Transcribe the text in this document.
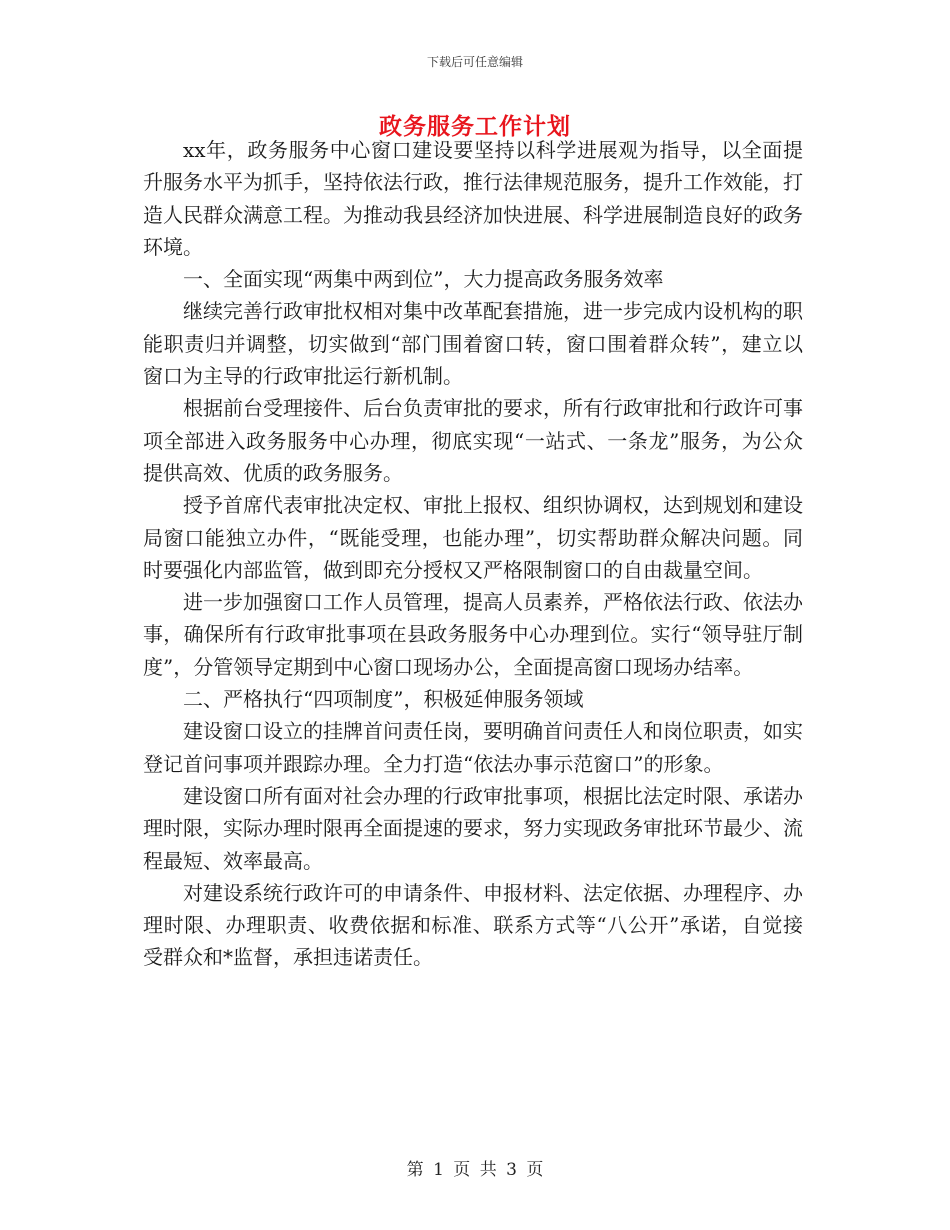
下载后可任意编辑
政务服务工作计划

xx年，政务服务中心窗口建设要坚持以科学进展观为指导，以全面提升服务水平为抓手，坚持依法行政，推行法律规范服务，提升工作效能，打造人民群众满意工程。为推动我县经济加快进展、科学进展制造良好的政务环境。

一、全面实现“两集中两到位”，大力提高政务服务效率

继续完善行政审批权相对集中改革配套措施，进一步完成内设机构的职能职责归并调整，切实做到“部门围着窗口转，窗口围着群众转”，建立以窗口为主导的行政审批运行新机制。

根据前台受理接件、后台负责审批的要求，所有行政审批和行政许可事项全部进入政务服务中心办理，彻底实现“一站式、一条龙”服务，为公众提供高效、优质的政务服务。

授予首席代表审批决定权、审批上报权、组织协调权，达到规划和建设局窗口能独立办件，“既能受理，也能办理”，切实帮助群众解决问题。同时要强化内部监管，做到即充分授权又严格限制窗口的自由裁量空间。

进一步加强窗口工作人员管理，提高人员素养，严格依法行政、依法办事，确保所有行政审批事项在县政务服务中心办理到位。实行“领导驻厅制度”，分管领导定期到中心窗口现场办公，全面提高窗口现场办结率。

二、严格执行“四项制度”，积极延伸服务领域

建设窗口设立的挂牌首问责任岗，要明确首问责任人和岗位职责，如实登记首问事项并跟踪办理。全力打造“依法办事示范窗口”的形象。

建设窗口所有面对社会办理的行政审批事项，根据比法定时限、承诺办理时限，实际办理时限再全面提速的要求，努力实现政务审批环节最少、流程最短、效率最高。

对建设系统行政许可的申请条件、申报材料、法定依据、办理程序、办理时限、办理职责、收费依据和标准、联系方式等“八公开”承诺，自觉接受群众和*监督，承担违诺责任。

第 1 页 共 3 页
